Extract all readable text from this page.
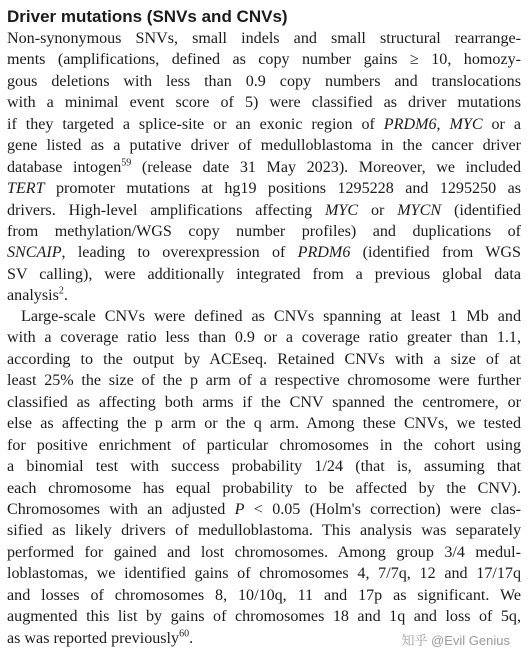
Driver mutations (SNVs and CNVs)
Non-synonymous SNVs, small indels and small structural rearrange-
ments (amplifications, defined as copy number gains ≥ 10, homozy-
gous deletions with less than 0.9 copy numbers and translocations
with a minimal event score of 5) were classified as driver mutations
if they targeted a splice-site or an exonic region of PRDM6, MYC or a
gene listed as a putative driver of medulloblastoma in the cancer driver
database intogen$^{59}$ (release date 31 May 2023). Moreover, we included
TERT promoter mutations at hg19 positions 1295228 and 1295250 as
drivers. High-level amplifications affecting MYC or MYCN (identified
from methylation/WGS copy number profiles) and duplications of
SNCAIP, leading to overexpression of PRDM6 (identified from WGS
SV calling), were additionally integrated from a previous global data
analysis$^2$.
Large-scale CNVs were defined as CNVs spanning at least 1 Mb and
with a coverage ratio less than 0.9 or a coverage ratio greater than 1.1,
according to the output by ACEseq. Retained CNVs with a size of at
least 25% the size of the p arm of a respective chromosome were further
classified as affecting both arms if the CNV spanned the centromere, or
else as affecting the p arm or the q arm. Among these CNVs, we tested
for positive enrichment of particular chromosomes in the cohort using
a binomial test with success probability 1/24 (that is, assuming that
each chromosome has equal probability to be affected by the CNV).
Chromosomes with an adjusted P < 0.05 (Holm's correction) were clas-
sified as likely drivers of medulloblastoma. This analysis was separately
performed for gained and lost chromosomes. Among group 3/4 medul-
loblastomas, we identified gains of chromosomes 4, 7/7q, 12 and 17/17q
and losses of chromosomes 8, 10/10q, 11 and 17p as significant. We
augmented this list by gains of chromosomes 18 and 1q and loss of 5q,
as was reported previously$^{60}$.	知乎 @Evil Genius
